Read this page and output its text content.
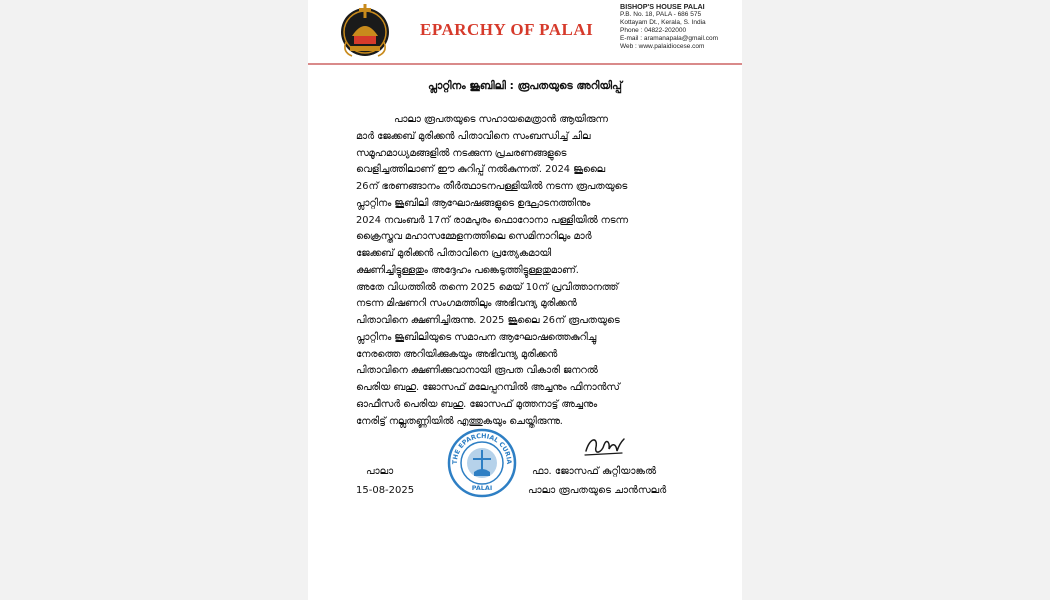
EPARCHY OF PALAI
BISHOP'S HOUSE PALAI
P.B. No. 18, PALA - 686 575
Kottayam Dt., Kerala, S. India
Phone : 04822-202000
E-mail : aramanapala@gmail.com
Web : www.palaidiocese.com
പ്ലാറ്റിനം ജൂബിലി : രൂപതയുടെ അറിയിപ്പ്
പാലാ രൂപതയുടെ സഹായമെത്രാൻ ആയിരുന്ന
മാർ ജേക്കബ് മുരിക്കൻ പിതാവിനെ സംബന്ധിച്ച് ചില
സമൂഹമാധ്യമങ്ങളിൽ നടക്കുന്ന പ്രചരണങ്ങളുടെ
വെളിച്ചത്തിലാണ് ഈ കുറിപ്പ് നൽകുന്നത്. 2024 ജൂലൈ
26ന് ഭരണങ്ങാനം തീർത്ഥാടനപള്ളിയിൽ നടന്ന രൂപതയുടെ
പ്ലാറ്റിനം ജൂബിലി ആഘോഷങ്ങളുടെ ഉദ്ഘാടനത്തിനും
2024 നവംബർ 17ന് രാമപുരം ഫൊറോനാ പള്ളിയിൽ നടന്ന
ക്രൈസ്തവ മഹാസമ്മേളനത്തിലെ സെമിനാറിലും മാർ
ജേക്കബ് മുരിക്കൻ പിതാവിനെ പ്രത്യേകമായി
ക്ഷണിച്ചിട്ടുള്ളതും അദ്ദേഹം പങ്കെടുത്തിട്ടുള്ളതുമാണ്.
അതേ വിധത്തിൽ തന്നെ 2025 മെയ് 10ന് പ്രവിത്താനത്ത്
നടന്ന മിഷണറി സംഗമത്തിലും അഭിവന്ദ്യ മുരിക്കൻ
പിതാവിനെ ക്ഷണിച്ചിരുന്നു. 2025 ജൂലൈ 26ന് രൂപതയുടെ
പ്ലാറ്റിനം ജൂബിലിയുടെ സമാപന ആഘോഷത്തെകുറിച്ചു
നേരത്തെ അറിയിക്കുകയും അഭിവന്ദ്യ മുരിക്കൻ
പിതാവിനെ ക്ഷണിക്കുവാനായി രൂപത വികാരി ജനറൽ
പെരിയ ബഹു. ജോസഫ് മലേപ്പറമ്പിൽ അച്ചനും ഫിനാൻസ്
ഓഫീസർ പെരിയ ബഹു. ജോസഫ് മുത്തനാട്ട് അച്ചനും
നേരിട്ട് നല്ലതണ്ണിയിൽ എത്തുകയും ചെയ്തിരുന്നു.
പാലാ
15-08-2025
THE EPARCHIAL CURIA
PALAI
ഫാ. ജോസഫ് കുറ്റിയാങ്കൽ
പാലാ രൂപതയുടെ ചാൻസലർ
